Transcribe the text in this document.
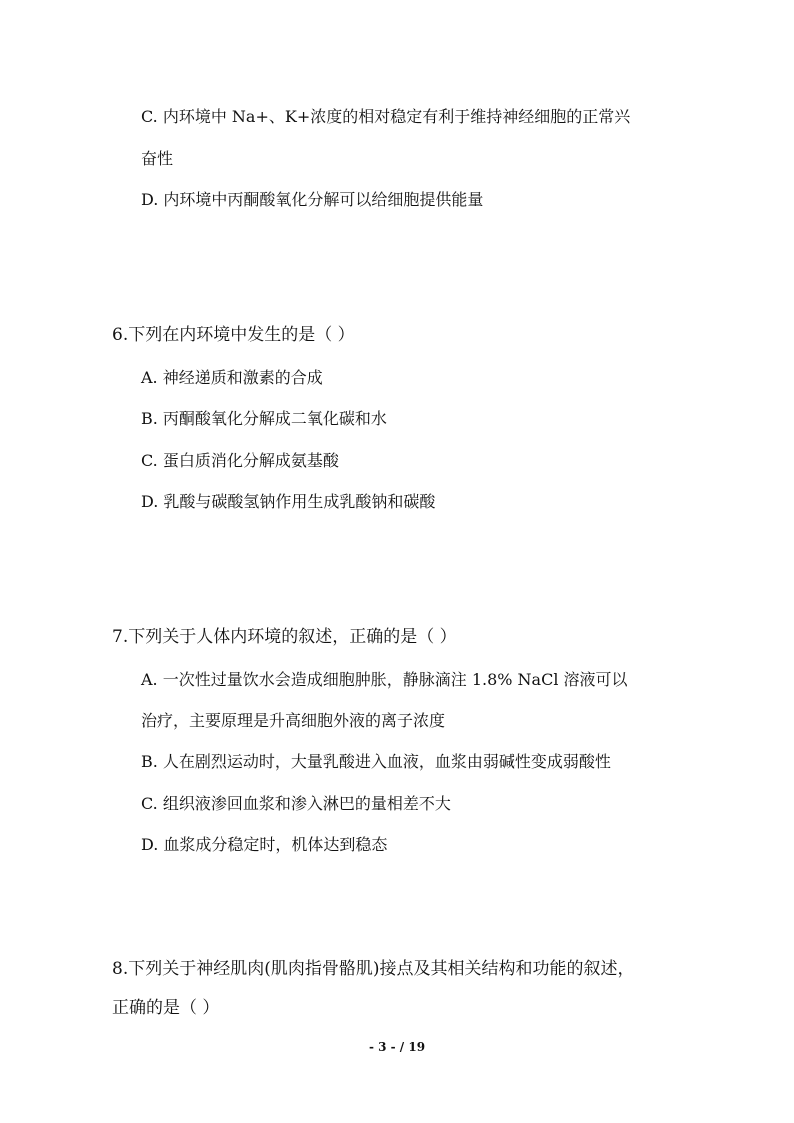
C. 内环境中 Na+、K+浓度的相对稳定有利于维持神经细胞的正常兴
奋性
D. 内环境中丙酮酸氧化分解可以给细胞提供能量
6.下列在内环境中发生的是（ ）
A. 神经递质和激素的合成
B. 丙酮酸氧化分解成二氧化碳和水
C. 蛋白质消化分解成氨基酸
D. 乳酸与碳酸氢钠作用生成乳酸钠和碳酸
7.下列关于人体内环境的叙述，正确的是（ ）
A. 一次性过量饮水会造成细胞肿胀，静脉滴注 1.8% NaCl 溶液可以
治疗，主要原理是升高细胞外液的离子浓度
B. 人在剧烈运动时，大量乳酸进入血液，血浆由弱碱性变成弱酸性
C. 组织液渗回血浆和渗入淋巴的量相差不大
D. 血浆成分稳定时，机体达到稳态
8.下列关于神经肌肉(肌肉指骨骼肌)接点及其相关结构和功能的叙述，
正确的是（ ）
- 3 - / 19
